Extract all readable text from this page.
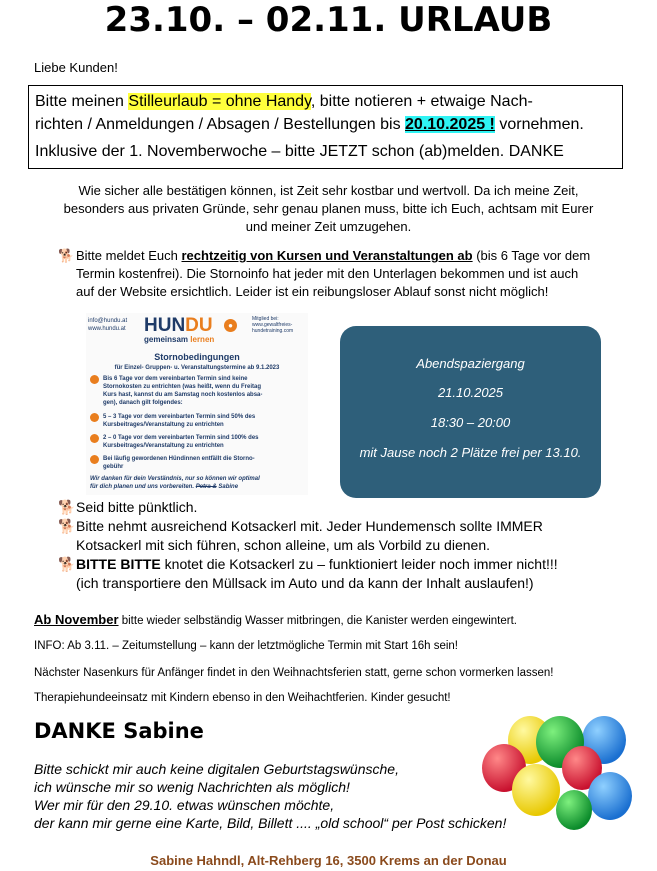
23.10. – 02.11. URLAUB
Liebe Kunden!

Bitte meinen Stilleurlaub = ohne Handy, bitte notieren + etwaige Nach-

richten / Anmeldungen / Absagen / Bestellungen bis 20.10.2025 ! vornehmen.

Inklusive der 1. Novemberwoche – bitte JETZT schon (ab)melden. DANKE

Wie sicher alle bestätigen können, ist Zeit sehr kostbar und wertvoll. Da ich meine Zeit,
besonders aus privaten Gründe, sehr genau planen muss, bitte ich Euch, achtsam mit Eurer
und meiner Zeit umzugehen.
🐕 Bitte meldet Euch rechtzeitig von Kursen und Veranstaltungen ab (bis 6 Tage vor dem
Termin kostenfrei). Die Stornoinfo hat jeder mit den Unterlagen bekommen und ist auch
auf der Website ersichtlich. Leider ist ein reibungsloser Ablauf sonst nicht möglich!
info@hundu.at
www.hundu.at HUNDU	●
gemeinsam lernen
Mitglied bei:
www.gewaltfreies-
hundetraining.com
Stornobedingungen
für Einzel- Gruppen- u. Veranstaltungstermine ab 9.1.2023
Bis 6 Tage vor dem vereinbarten Termin sind keine
Stornokosten zu entrichten (was heißt, wenn du Freitag
Kurs hast, kannst du am Samstag noch kostenlos absa-
gen), danach gilt folgendes:
5 – 3 Tage vor dem vereinbarten Termin sind 50% des
Kursbeitrages/Veranstaltung zu entrichten
2 – 0 Tage vor dem vereinbarten Termin sind 100% des
Kursbeitrages/Veranstaltung zu entrichten
Bei läufig gewordenen Hündinnen entfällt die Storno-
gebühr
Wir danken für dein Verständnis, nur so können wir optimal
für dich planen und uns vorbereiten. Petra & Sabine
Abendspaziergang
21.10.2025
18:30 – 20:00
mit Jause noch 2 Plätze frei per 13.10.

🐕Seid bitte pünktlich.

🐕Bitte nehmt ausreichend Kotsackerl mit. Jeder Hundemensch sollte IMMER

Kotsackerl mit sich führen, schon alleine, um als Vorbild zu dienen.

🐕BITTE BITTE knotet die Kotsackerl zu – funktioniert leider noch immer nicht!!!

(ich transportiere den Müllsack im Auto und da kann der Inhalt auslaufen!)

Ab November bitte wieder selbständig Wasser mitbringen, die Kanister werden eingewintert.
INFO: Ab 3.11. – Zeitumstellung – kann der letztmögliche Termin mit Start 16h sein!
Nächster Nasenkurs für Anfänger findet in den Weihnachtsferien statt, gerne schon vormerken lassen!
Therapiehundeeinsatz mit Kindern ebenso in den Weihachtferien. Kinder gesucht!
DANKE Sabine

Bitte schickt mir auch keine digitalen Geburtstagswünsche,

ich wünsche mir so wenig Nachrichten als möglich!

Wer mir für den 29.10. etwas wünschen möchte,

der kann mir gerne eine Karte, Bild, Billett .... „old school“ per Post schicken!

Sabine Hahndl, Alt-Rehberg 16, 3500 Krems an der Donau
